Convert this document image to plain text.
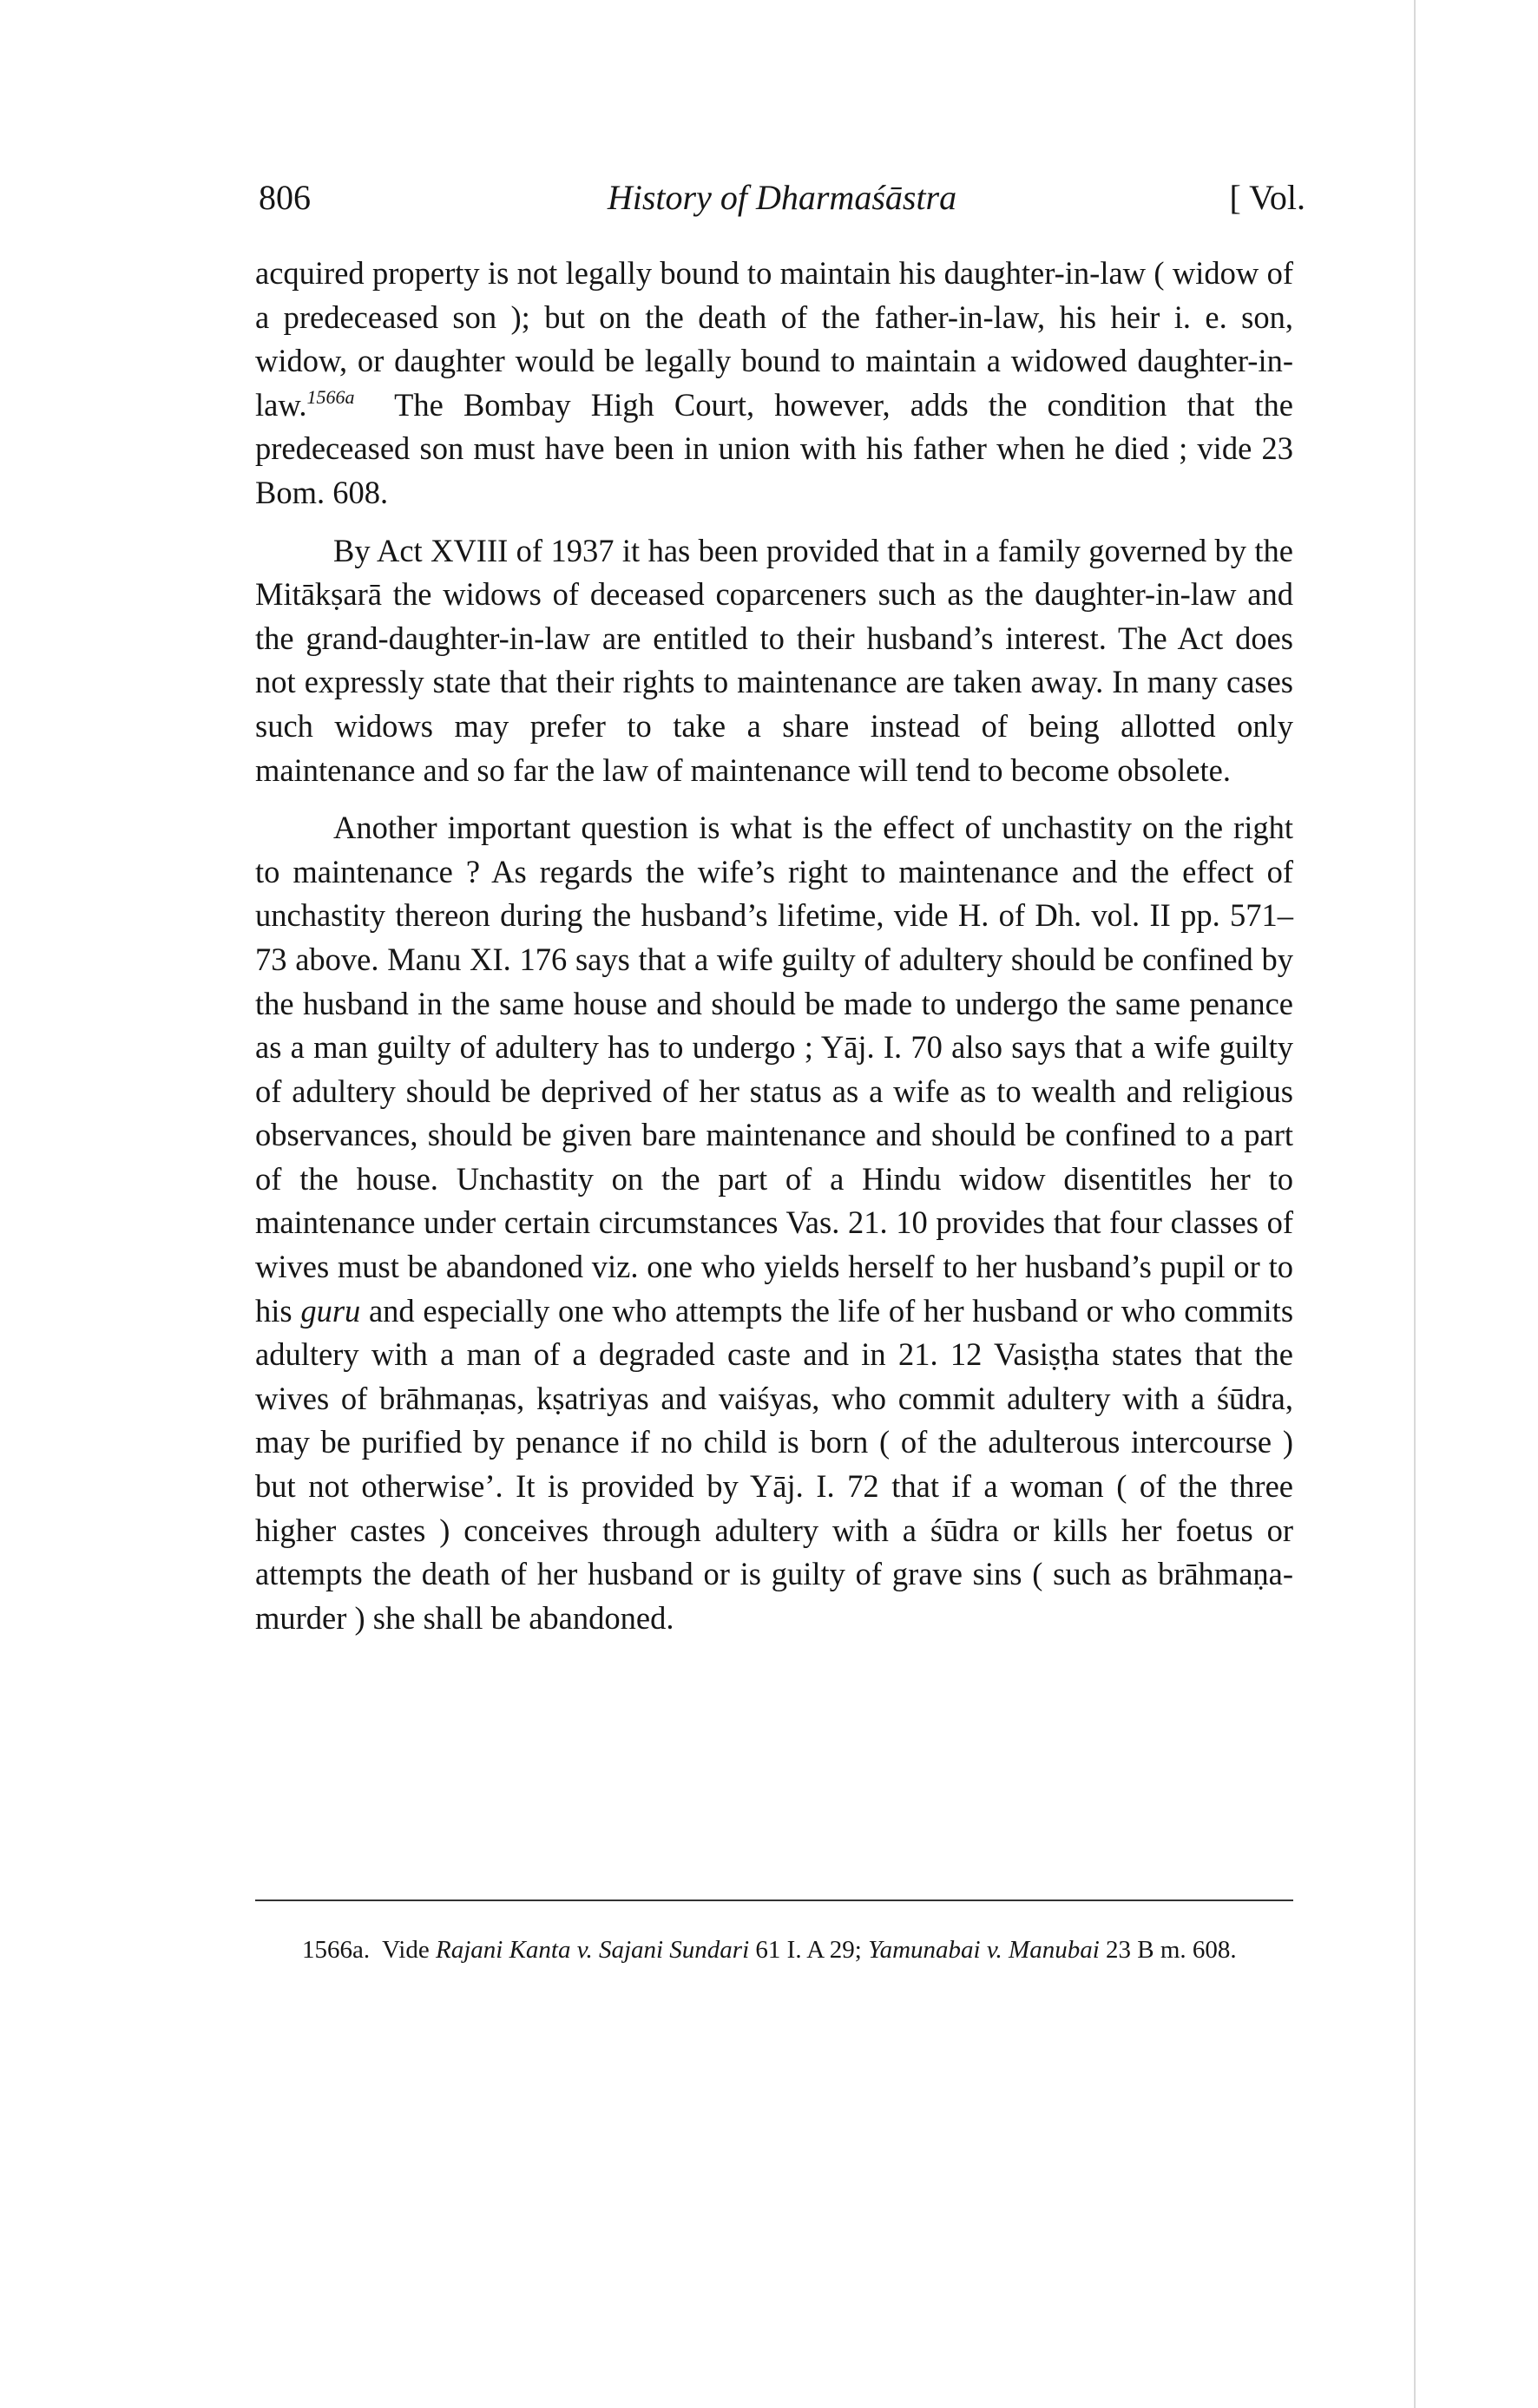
806	History of Dharmaśāstra	[ Vol.

acquired property is not legally bound to maintain his daughter-in-law ( widow of a predeceased son ); but on the death of the father-in-law, his heir i. e. son, widow, or daughter would be legally bound to maintain a widowed daughter-in-law.$^{1566a}$ The Bombay High Court, however, adds the condition that the predeceased son must have been in union with his father when he died ; vide 23 Bom. 608.

By Act XVIII of 1937 it has been provided that in a family governed by the Mitākṣarā the widows of deceased coparceners such as the daughter-in-law and the grand-daughter-in-law are entitled to their husband’s interest. The Act does not expressly state that their rights to maintenance are taken away. In many cases such widows may prefer to take a share instead of being allotted only maintenance and so far the law of maintenance will tend to become obsolete.

Another important question is what is the effect of unchastity on the right to maintenance ? As regards the wife’s right to maintenance and the effect of unchastity thereon during the husband’s lifetime, vide H. of Dh. vol. II pp. 571–73 above. Manu XI. 176 says that a wife guilty of adultery should be confined by the husband in the same house and should be made to undergo the same penance as a man guilty of adultery has to undergo ; Yāj. I. 70 also says that a wife guilty of adultery should be deprived of her status as a wife as to wealth and religious observances, should be given bare maintenance and should be confined to a part of the house. Unchastity on the part of a Hindu widow disentitles her to maintenance under certain circumstances Vas. 21. 10 provides that four classes of wives must be abandoned viz. one who yields herself to her husband’s pupil or to his guru and especially one who attempts the life of her husband or who commits adultery with a man of a degraded caste and in 21. 12 Vasiṣṭha states that the wives of brāhmaṇas, kṣatriyas and vaiśyas, who commit adultery with a śūdra, may be purified by penance if no child is born ( of the adulterous intercourse ) but not otherwise’. It is provided by Yāj. I. 72 that if a woman ( of the three higher castes ) conceives through adultery with a śūdra or kills her foetus or attempts the death of her husband or is guilty of grave sins ( such as brāhmaṇa-murder ) she shall be abandoned.

1566a. Vide Rajani Kanta v. Sajani Sundari 61 I. A 29; Yamunabai v. Manubai 23 B m. 608.
